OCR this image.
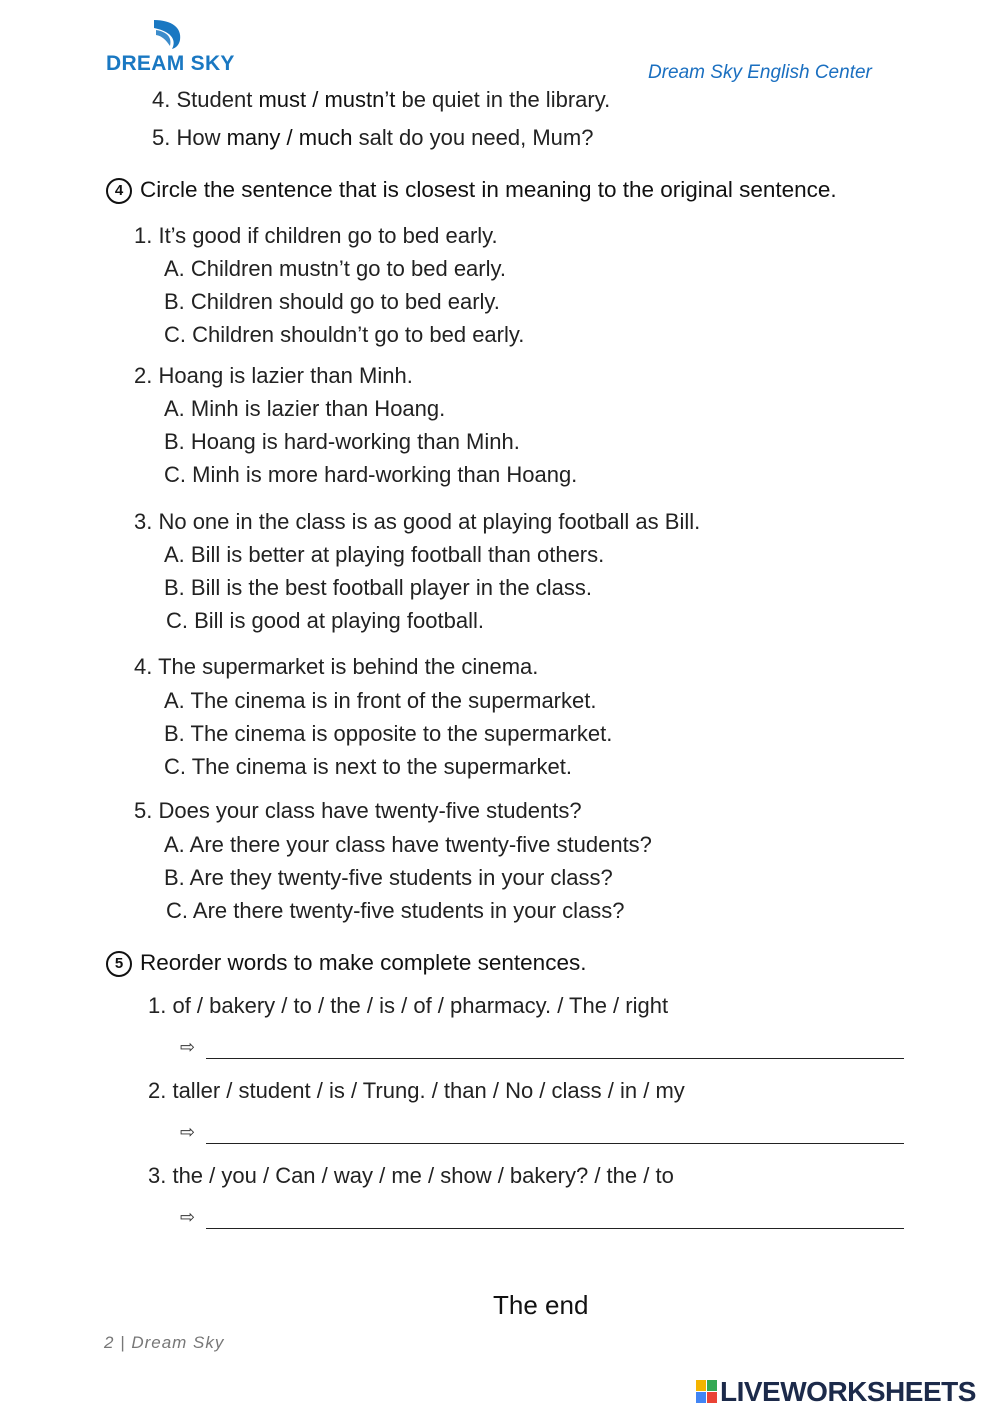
DREAM SKY	Dream Sky English Center
4. Student must / mustn’t be quiet in the library.
5. How many / much salt do you need, Mum?
4 Circle the sentence that is closest in meaning to the original sentence.
1. It’s good if children go to bed early.
A. Children mustn’t go to bed early.
B. Children should go to bed early.
C. Children shouldn’t go to bed early.
2. Hoang is lazier than Minh.
A. Minh is lazier than Hoang.
B. Hoang is hard-working than Minh.
C. Minh is more hard-working than Hoang.
3. No one in the class is as good at playing football as Bill.
A. Bill is better at playing football than others.
B. Bill is the best football player in the class.
C. Bill is good at playing football.
4. The supermarket is behind the cinema.
A. The cinema is in front of the supermarket.
B. The cinema is opposite to the supermarket.
C. The cinema is next to the supermarket.
5. Does your class have twenty-five students?
A. Are there your class have twenty-five students?
B. Are they twenty-five students in your class?
C. Are there twenty-five students in your class?
5 Reorder words to make complete sentences.
1. of / bakery / to / the / is / of / pharmacy. / The / right
⇨
2. taller / student / is / Trung. / than / No / class / in / my
⇨
3. the / you / Can / way / me / show / bakery? / the / to
⇨
The end
2 | Dream Sky
LIVEWORKSHEETS
